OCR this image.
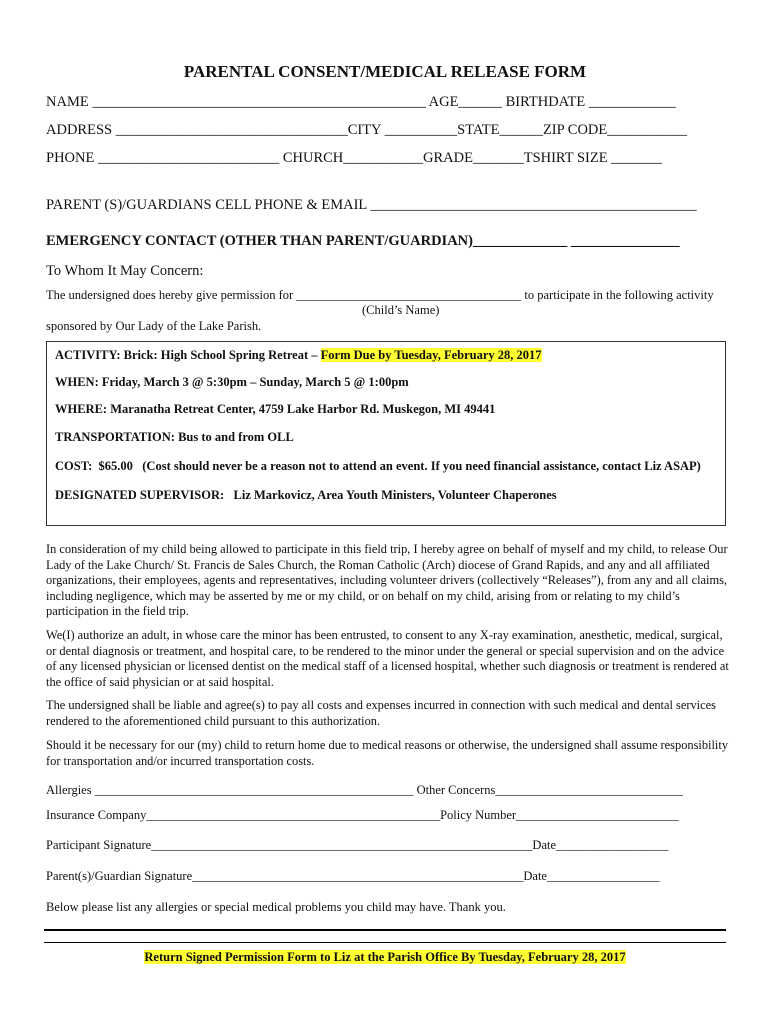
PARENTAL CONSENT/MEDICAL RELEASE FORM
NAME ______________________________________________ AGE______ BIRTHDATE ____________
ADDRESS ________________________________CITY __________STATE______ZIP CODE___________
PHONE _________________________ CHURCH___________GRADE_______TSHIRT SIZE _______
PARENT (S)/GUARDIANS CELL PHONE & EMAIL _____________________________________________
EMERGENCY CONTACT (OTHER THAN PARENT/GUARDIAN)_____________ _______________
To Whom It May Concern:
The undersigned does hereby give permission for ____________________________________ to participate in the following activity
(Child’s Name)
sponsored by Our Lady of the Lake Parish.
ACTIVITY: Brick: High School Spring Retreat – Form Due by Tuesday, February 28, 2017
WHEN: Friday, March 3 @ 5:30pm – Sunday, March 5 @ 1:00pm
WHERE: Maranatha Retreat Center, 4759 Lake Harbor Rd. Muskegon, MI 49441
TRANSPORTATION: Bus to and from OLL
COST:  $65.00   (Cost should never be a reason not to attend an event. If you need financial assistance, contact Liz ASAP)
DESIGNATED SUPERVISOR:   Liz Markovicz, Area Youth Ministers, Volunteer Chaperones
In consideration of my child being allowed to participate in this field trip, I hereby agree on behalf of myself and my child, to release Our Lady of the Lake Church/ St. Francis de Sales Church, the Roman Catholic (Arch) diocese of Grand Rapids, and any and all affiliated organizations, their employees, agents and representatives, including volunteer drivers (collectively “Releases”), from any and all claims, including negligence, which may be asserted by me or my child, or on behalf on my child, arising from or relating to my child’s participation in the field trip.
We(I) authorize an adult, in whose care the minor has been entrusted, to consent to any X-ray examination, anesthetic, medical, surgical, or dental diagnosis or treatment, and hospital care, to be rendered to the minor under the general or special supervision and on the advice of any licensed physician or licensed dentist on the medical staff of a licensed hospital, whether such diagnosis or treatment is rendered at the office of said physician or at said hospital.
The undersigned shall be liable and agree(s) to pay all costs and expenses incurred in connection with such medical and dental services rendered to the aforementioned child pursuant to this authorization.
Should it be necessary for our (my) child to return home due to medical reasons or otherwise, the undersigned shall assume responsibility for transportation and/or incurred transportation costs.
Allergies ___________________________________________________ Other Concerns______________________________
Insurance Company_______________________________________________Policy Number__________________________
Participant Signature_____________________________________________________________Date__________________
Parent(s)/Guardian Signature_____________________________________________________Date__________________
Below please list any allergies or special medical problems you child may have. Thank you.
Return Signed Permission Form to Liz at the Parish Office By Tuesday, February 28, 2017
